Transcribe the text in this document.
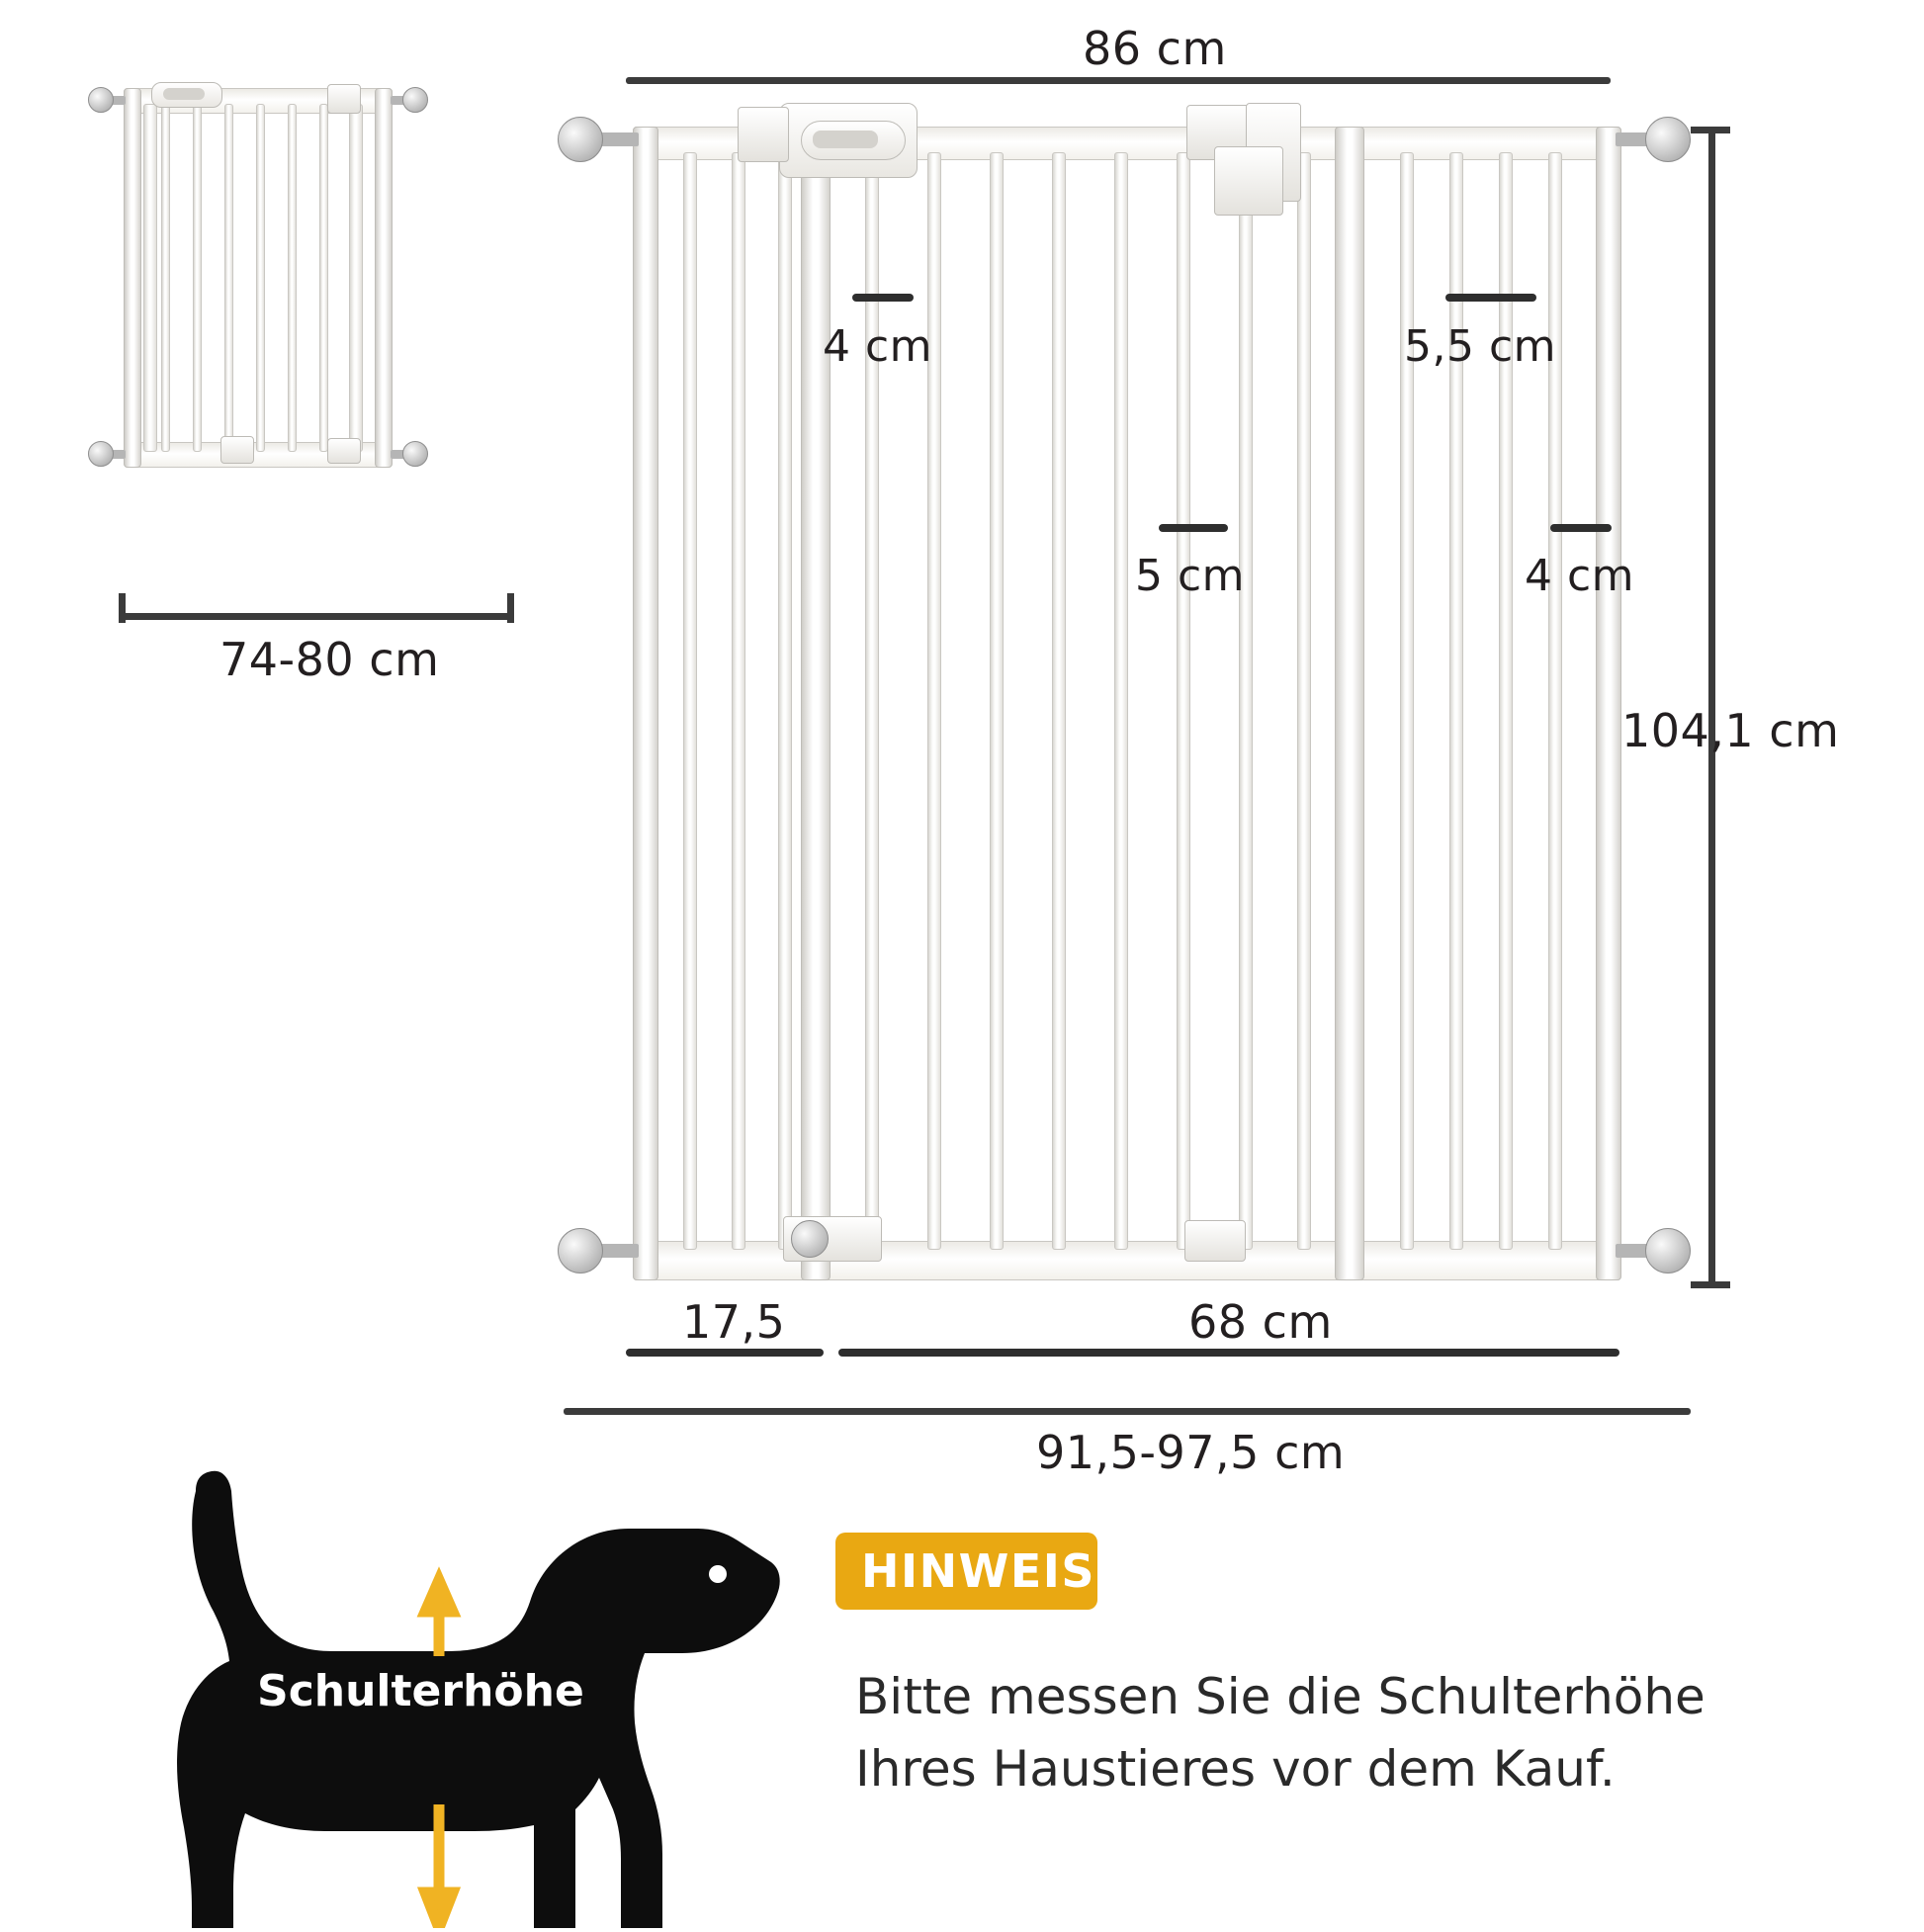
74-80 cm
86 cm
104,1 cm
4 cm	5,5 cm
5 cm	4 cm
17,5	68 cm
91,5-97,5 cm
Schulterhöhe
HINWEIS:
Bitte messen Sie die Schulterhöhe Ihres Haustieres vor dem Kauf.
